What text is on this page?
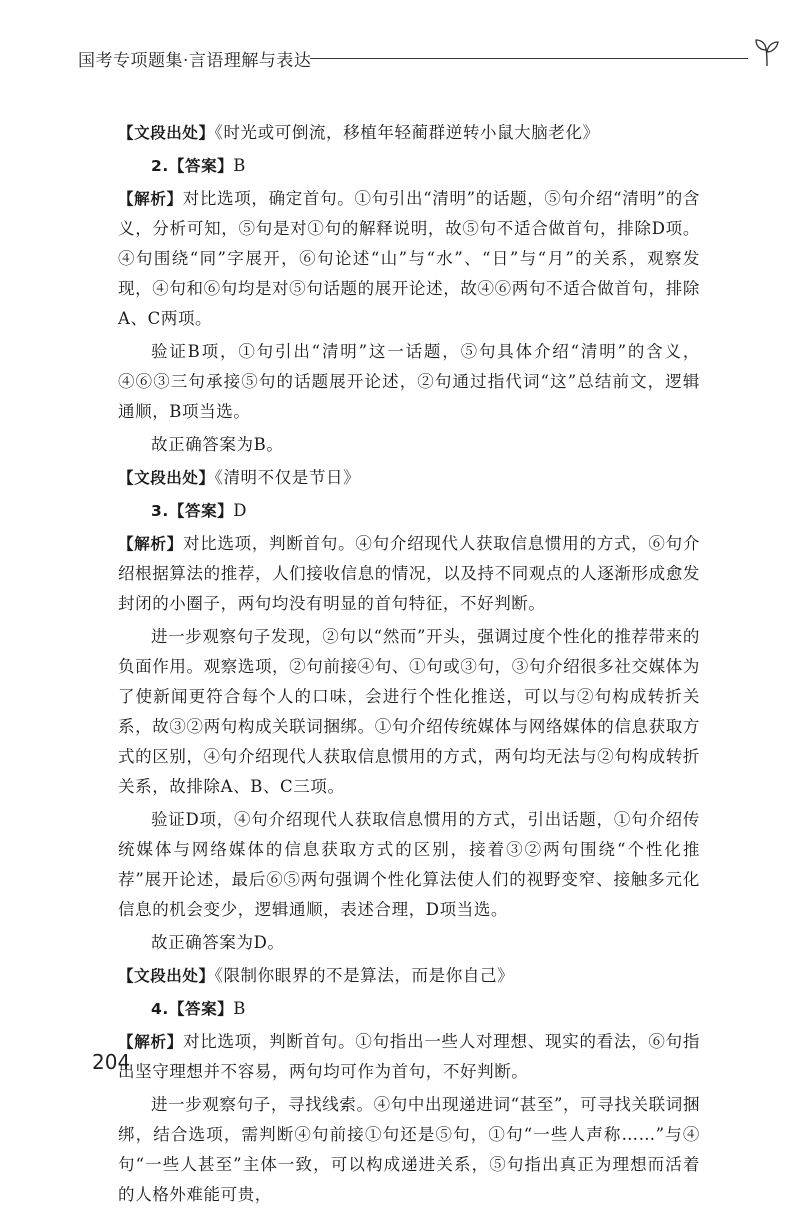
国考专项题集·言语理解与表达

【文段出处】《时光或可倒流，移植年轻蔺群逆转小鼠大脑老化》

2.【答案】B

【解析】对比选项，确定首句。①句引出“清明”的话题，⑤句介绍“清明”的含义，分析可知，⑤句是对①句的解释说明，故⑤句不适合做首句，排除D项。④句围绕“同”字展开，⑥句论述“山”与“水”、“日”与“月”的关系，观察发现，④句和⑥句均是对⑤句话题的展开论述，故④⑥两句不适合做首句，排除A、C两项。

验证B项，①句引出“清明”这一话题，⑤句具体介绍“清明”的含义，④⑥③三句承接⑤句的话题展开论述，②句通过指代词“这”总结前文，逻辑通顺，B项当选。

故正确答案为B。

【文段出处】《清明不仅是节日》

3.【答案】D

【解析】对比选项，判断首句。④句介绍现代人获取信息惯用的方式，⑥句介绍根据算法的推荐，人们接收信息的情况，以及持不同观点的人逐渐形成愈发封闭的小圈子，两句均没有明显的首句特征，不好判断。

进一步观察句子发现，②句以“然而”开头，强调过度个性化的推荐带来的负面作用。观察选项，②句前接④句、①句或③句，③句介绍很多社交媒体为了使新闻更符合每个人的口味，会进行个性化推送，可以与②句构成转折关系，故③②两句构成关联词捆绑。①句介绍传统媒体与网络媒体的信息获取方式的区别，④句介绍现代人获取信息惯用的方式，两句均无法与②句构成转折关系，故排除A、B、C三项。

验证D项，④句介绍现代人获取信息惯用的方式，引出话题，①句介绍传统媒体与网络媒体的信息获取方式的区别，接着③②两句围绕“个性化推荐”展开论述，最后⑥⑤两句强调个性化算法使人们的视野变窄、接触多元化信息的机会变少，逻辑通顺，表述合理，D项当选。

故正确答案为D。

【文段出处】《限制你眼界的不是算法，而是你自己》

4.【答案】B

【解析】对比选项，判断首句。①句指出一些人对理想、现实的看法，⑥句指出坚守理想并不容易，两句均可作为首句，不好判断。

进一步观察句子，寻找线索。④句中出现递进词“甚至”，可寻找关联词捆绑，结合选项，需判断④句前接①句还是⑤句，①句“一些人声称……”与④句“一些人甚至”主体一致，可以构成递进关系，⑤句指出真正为理想而活着的人格外难能可贵，

204
